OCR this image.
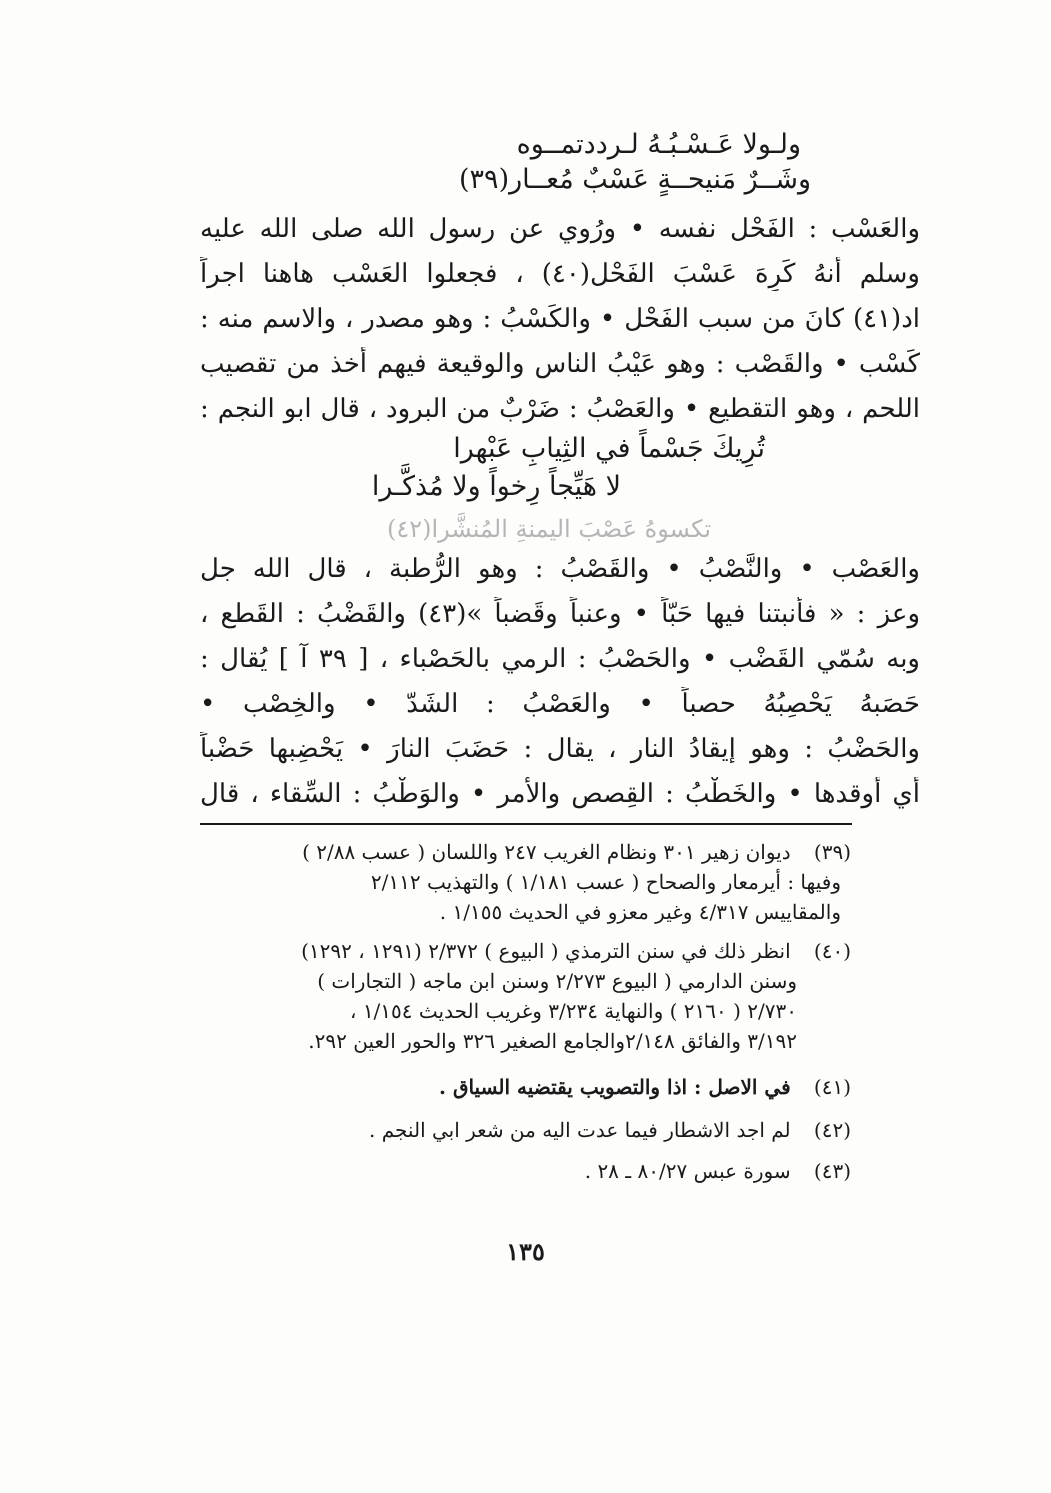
ولـولا عَـسْـبُـهُ لـرددتمــوه
وشَــرٌ مَنيحــةٍ عَسْبٌ مُعــار(٣٩)
والعَسْب : الفَحْل نفسه • ورُوي عن رسول الله صلى الله عليه
وسلم أنهُ كَرِهَ عَسْبَ الفَحْل(٤٠) ، فجعلوا العَسْب هاهنا اجراً
اد(٤١) كانَ من سبب الفَحْل • والكَسْبُ : وهو مصدر ، والاسم منه :
كَسْب • والقَصْب : وهو عَيْبُ الناس والوقيعة فيهم أخذ من تقصيب
اللحم ، وهو التقطيع • والعَصْبُ : ضَرْبٌ من البرود ، قال ابو النجم :
تُرِيكَ جَسْماً في الثِيابِ عَبْهرا
لا هَيِّجاً رِخواً ولا مُذكَّـرا
تكسوهُ عَصْبَ اليمنةِ المُنشَّرا(٤٢)
والعَصْب • والنَّصْبُ • والقَصْبُ : وهو الرُّطبة ، قال الله جل
وعز : « فأنبتنا فيها حَبّاً • وعنباً وقَضباً »(٤٣) والقَضْبُ : القَطع ،
وبه سُمّي القَضْب • والحَصْبُ : الرمي بالحَصْباء ، [ ٣٩ آ ] يُقال :
حَصَبهُ يَحْصِبُهُ حصباً • والعَصْبُ : الشَدّ • والخِصْب •
والحَضْبُ : وهو إيقادُ النار ، يقال : حَضَبَ النارَ • يَحْضِبها حَضْباً
أي أوقدها • والخَطْبُ : القِصص والأمر • والوَطْبُ : السِّقاء ، قال
(٣٩) ديوان زهير ٣٠١ ونظام الغريب ٢٤٧ واللسان ( عسب ٢/٨٨ )
وفيها : أيرمعار والصحاح ( عسب ١/١٨١ ) والتهذيب ٢/١١٢
والمقاييس ٤/٣١٧ وغير معزو في الحديث ١/١٥٥ .
(٤٠) انظر ذلك في سنن الترمذي ( البيوع ) ٢/٣٧٢ (١٢٩١ ، ١٢٩٢)
وسنن الدارمي ( البيوع ٢/٢٧٣ وسنن ابن ماجه ( التجارات )
٢/٧٣٠ ( ٢١٦٠ ) والنهاية ٣/٢٣٤ وغريب الحديث ١/١٥٤ ،
٣/١٩٢ والفائق ٢/١٤٨والجامع الصغير ٣٢٦ والحور العين ٢٩٢.
(٤١) في الاصل : اذا والتصويب يقتضيه السياق .
(٤٢) لم اجد الاشطار فيما عدت اليه من شعر ابي النجم .
(٤٣) سورة عبس ٨٠/٢٧ ـ ٢٨ .
١٣٥
